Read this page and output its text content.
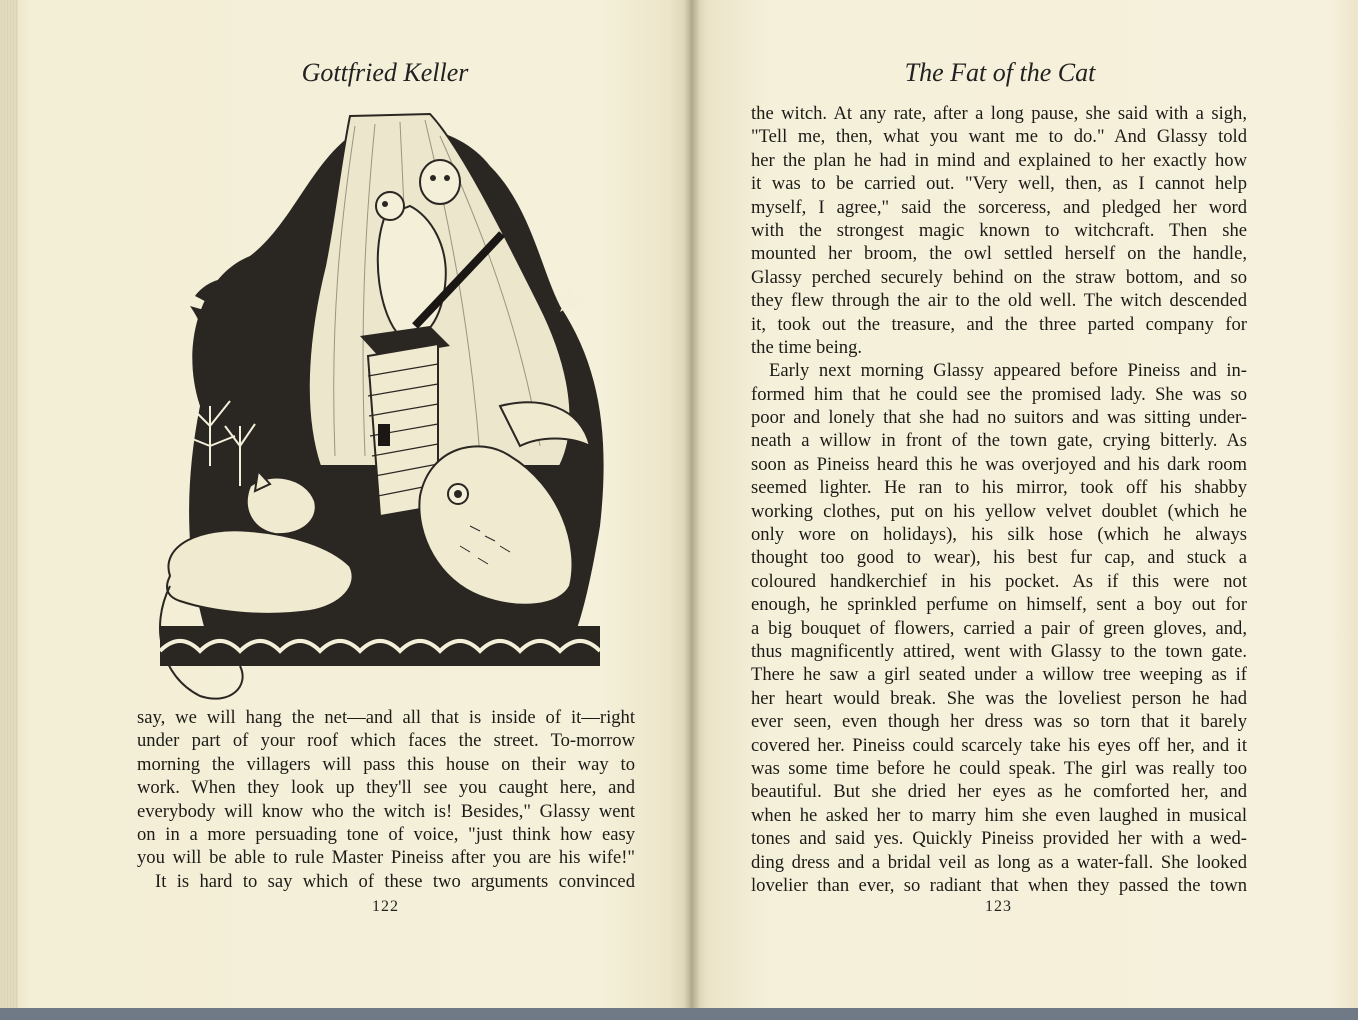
Gottfried Keller	The Fat of the Cat
say, we will hang the net—and all that is inside of it—right
under part of your roof which faces the street. To-morrow
morning the villagers will pass this house on their way to
work. When they look up they'll see you caught here, and
everybody will know who the witch is! Besides," Glassy went
on in a more persuading tone of voice, "just think how easy
you will be able to rule Master Pineiss after you are his wife!"
It is hard to say which of these two arguments convinced
122
the witch. At any rate, after a long pause, she said with a sigh,
"Tell me, then, what you want me to do." And Glassy told
her the plan he had in mind and explained to her exactly how
it was to be carried out. "Very well, then, as I cannot help
myself, I agree," said the sorceress, and pledged her word
with the strongest magic known to witchcraft. Then she
mounted her broom, the owl settled herself on the handle,
Glassy perched securely behind on the straw bottom, and so
they flew through the air to the old well. The witch descended
it, took out the treasure, and the three parted company for
the time being.
Early next morning Glassy appeared before Pineiss and in-
formed him that he could see the promised lady. She was so
poor and lonely that she had no suitors and was sitting under-
neath a willow in front of the town gate, crying bitterly. As
soon as Pineiss heard this he was overjoyed and his dark room
seemed lighter. He ran to his mirror, took off his shabby
working clothes, put on his yellow velvet doublet (which he
only wore on holidays), his silk hose (which he always
thought too good to wear), his best fur cap, and stuck a
coloured handkerchief in his pocket. As if this were not
enough, he sprinkled perfume on himself, sent a boy out for
a big bouquet of flowers, carried a pair of green gloves, and,
thus magnificently attired, went with Glassy to the town gate.
There he saw a girl seated under a willow tree weeping as if
her heart would break. She was the loveliest person he had
ever seen, even though her dress was so torn that it barely
covered her. Pineiss could scarcely take his eyes off her, and it
was some time before he could speak. The girl was really too
beautiful. But she dried her eyes as he comforted her, and
when he asked her to marry him she even laughed in musical
tones and said yes. Quickly Pineiss provided her with a wed-
ding dress and a bridal veil as long as a water-fall. She looked
lovelier than ever, so radiant that when they passed the town
123
